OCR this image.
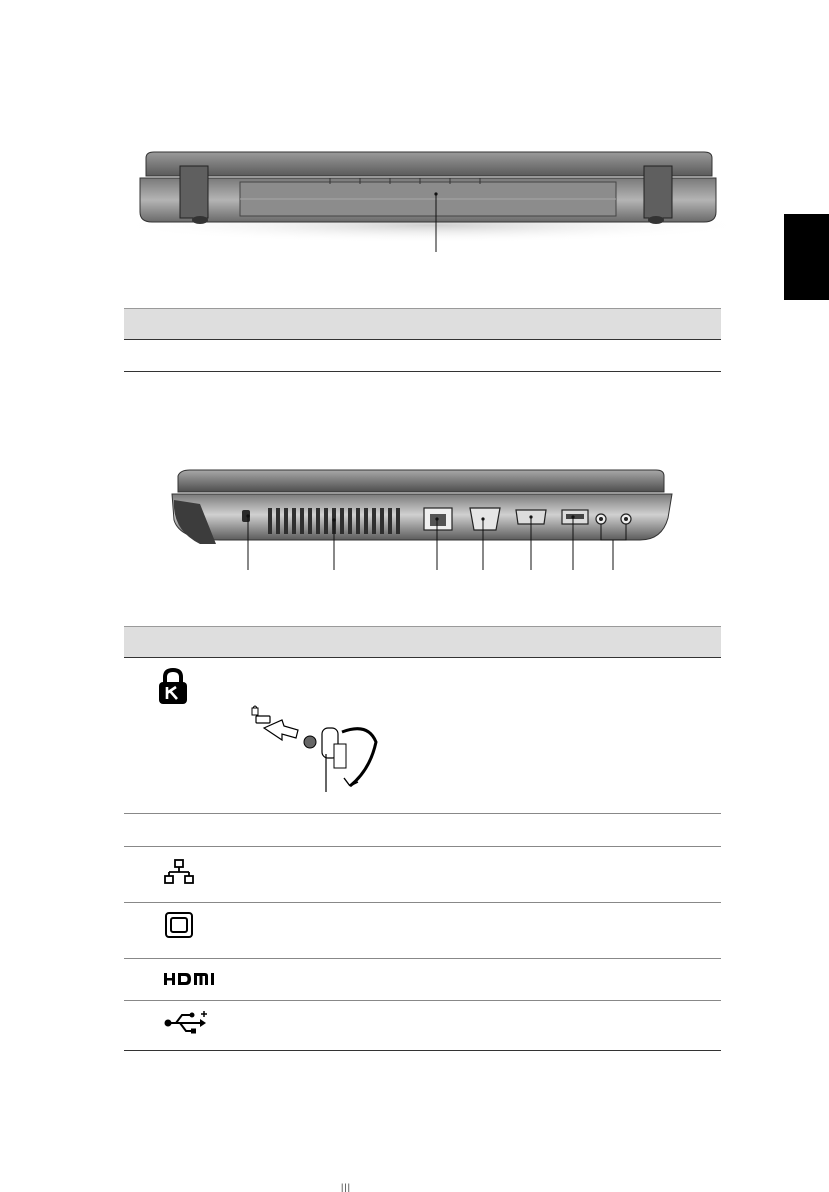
|||
